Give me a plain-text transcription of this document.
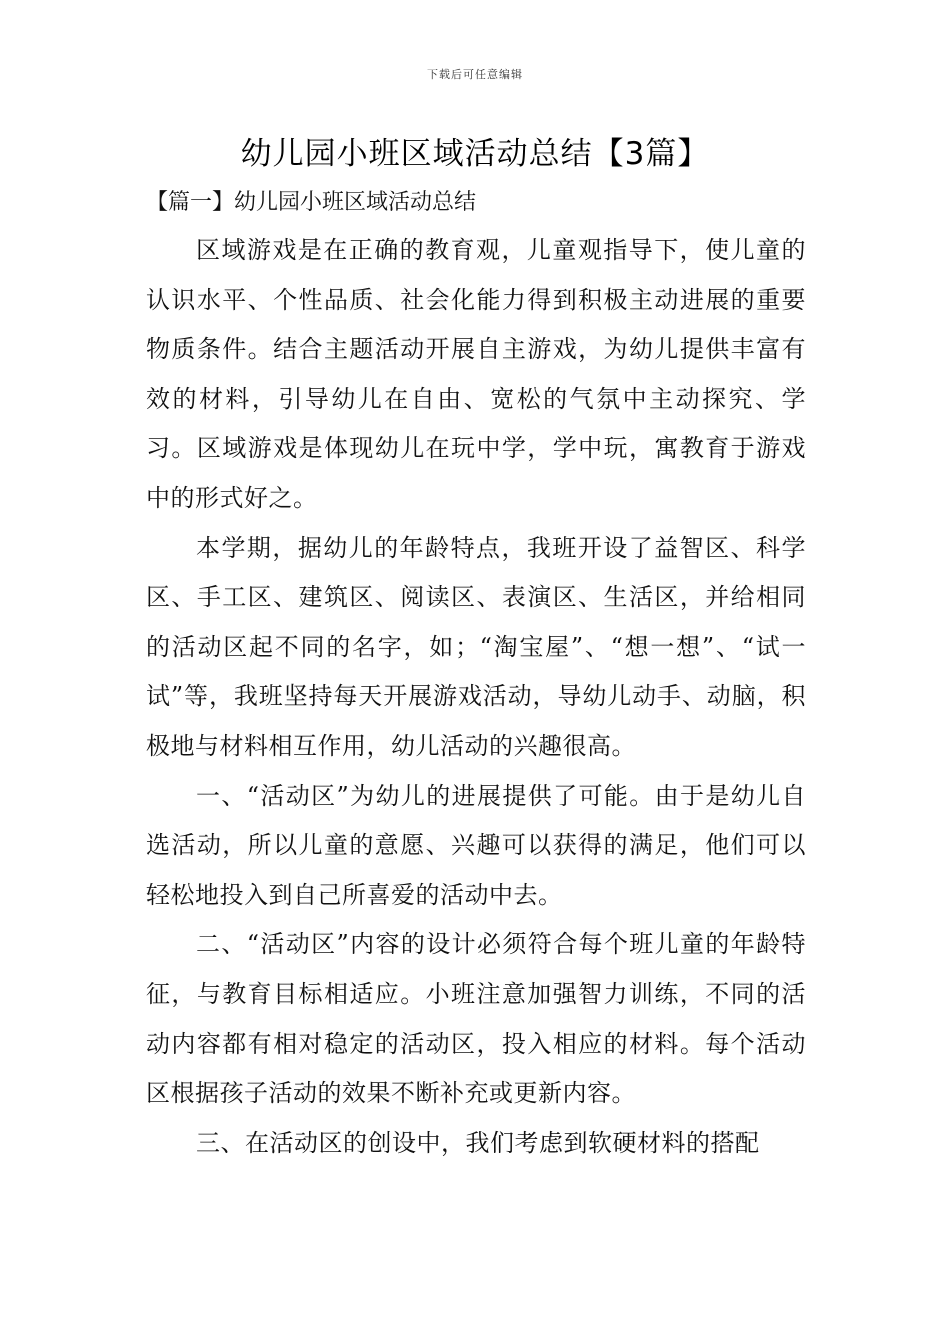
下载后可任意编辑
幼儿园小班区域活动总结【3篇】
【篇一】幼儿园小班区域活动总结

区域游戏是在正确的教育观，儿童观指导下，使儿童的认识水平、个性品质、社会化能力得到积极主动进展的重要物质条件。结合主题活动开展自主游戏，为幼儿提供丰富有效的材料，引导幼儿在自由、宽松的气氛中主动探究、学习。区域游戏是体现幼儿在玩中学，学中玩，寓教育于游戏中的形式好之。

本学期，据幼儿的年龄特点，我班开设了益智区、科学区、手工区、建筑区、阅读区、表演区、生活区，并给相同的活动区起不同的名字，如；“淘宝屋”、“想一想”、“试一试”等，我班坚持每天开展游戏活动，导幼儿动手、动脑，积极地与材料相互作用，幼儿活动的兴趣很高。

一、“活动区”为幼儿的进展提供了可能。由于是幼儿自选活动，所以儿童的意愿、兴趣可以获得的满足，他们可以轻松地投入到自己所喜爱的活动中去。

二、“活动区”内容的设计必须符合每个班儿童的年龄特征，与教育目标相适应。小班注意加强智力训练，不同的活动内容都有相对稳定的活动区，投入相应的材料。每个活动区根据孩子活动的效果不断补充或更新内容。

三、在活动区的创设中，我们考虑到软硬材料的搭配
